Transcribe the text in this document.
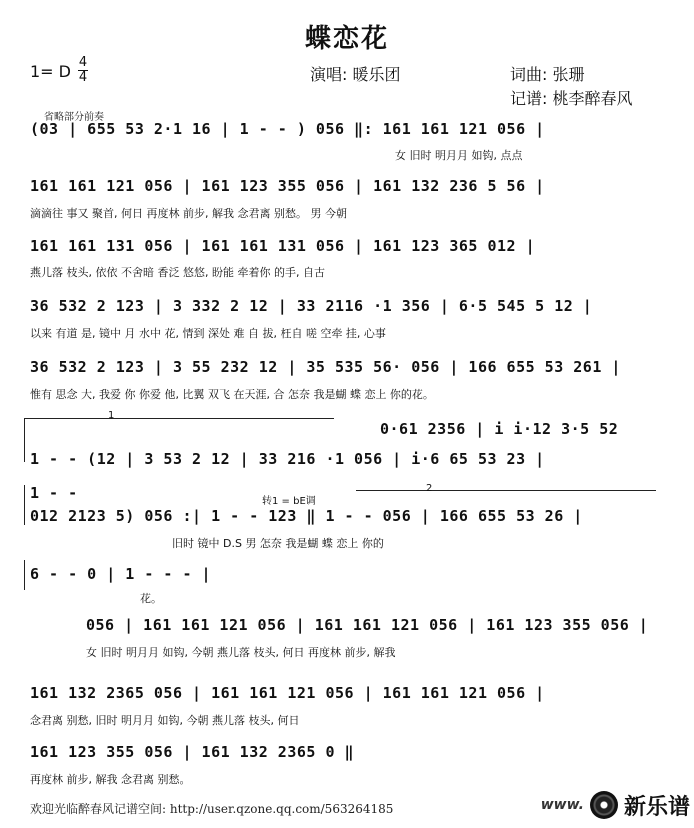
蝶恋花
1= D 4
4	演唱: 暖乐团	词曲: 张珊
记谱: 桃李醉春风
省略部分前奏
(03 | 655 53 2·1 16 | 1 - - ) 056 ‖: 161 161 121 056 |
女 旧时 明月月 如钩, 点点
161 161 121 056 | 161 123 355 056 | 161 132 236 5 56 |
滴滴往 事又 聚首, 何日 再度林 前步, 解我 念君离 别愁。 男 今朝
161 161 131 056 | 161 161 131 056 | 161 123 365 012 |
燕儿落 枝头, 依依 不舍暗 香泛 悠悠, 盼能 牵着你 的手, 自古
36 532 2 123 | 3 332 2 12 | 33 2116 ·1 356 | 6·5 545 5 12 |
以来 有道 是, 镜中 月 水中 花, 情到 深处 难 自 拔, 枉自 嗟 空牵 挂, 心事
36 532 2 123 | 3 55 232 12 | 35 535 56· 056 | 166 655 53 261 |
惟有 思念 大, 我爱 你 你爱 他, 比翼 双飞 在天涯, 合 怎奈 我是蝴 蝶 恋上 你的花。
1
0·61 2356 | i i·12 3·5 52
1 - - (12 | 3 53 2 12 | 33 216 ·1 056 | i·6 65 53 23 |
1 - -	转1 = bE调
2
012 2123 5) 056 :| 1 - - 123 ‖ 1 - - 056 | 166 655 53 26 |
旧时 镜中 D.S 男 怎奈 我是蝴 蝶 恋上 你的
6 - - 0 | 1 - - - |
花。
056 | 161 161 121 056 | 161 161 121 056 | 161 123 355 056 |
女 旧时 明月月 如钩, 今朝 燕儿落 枝头, 何日 再度林 前步, 解我
161 132 2365 056 | 161 161 121 056 | 161 161 121 056 |
念君离 别愁, 旧时 明月月 如钩, 今朝 燕儿落 枝头, 何日
161 123 355 056 | 161 132 2365 0 ‖
再度林 前步, 解我 念君离 别愁。
欢迎光临醉春风记谱空间: http://user.qzone.qq.com/563264185	www. 新乐谱
